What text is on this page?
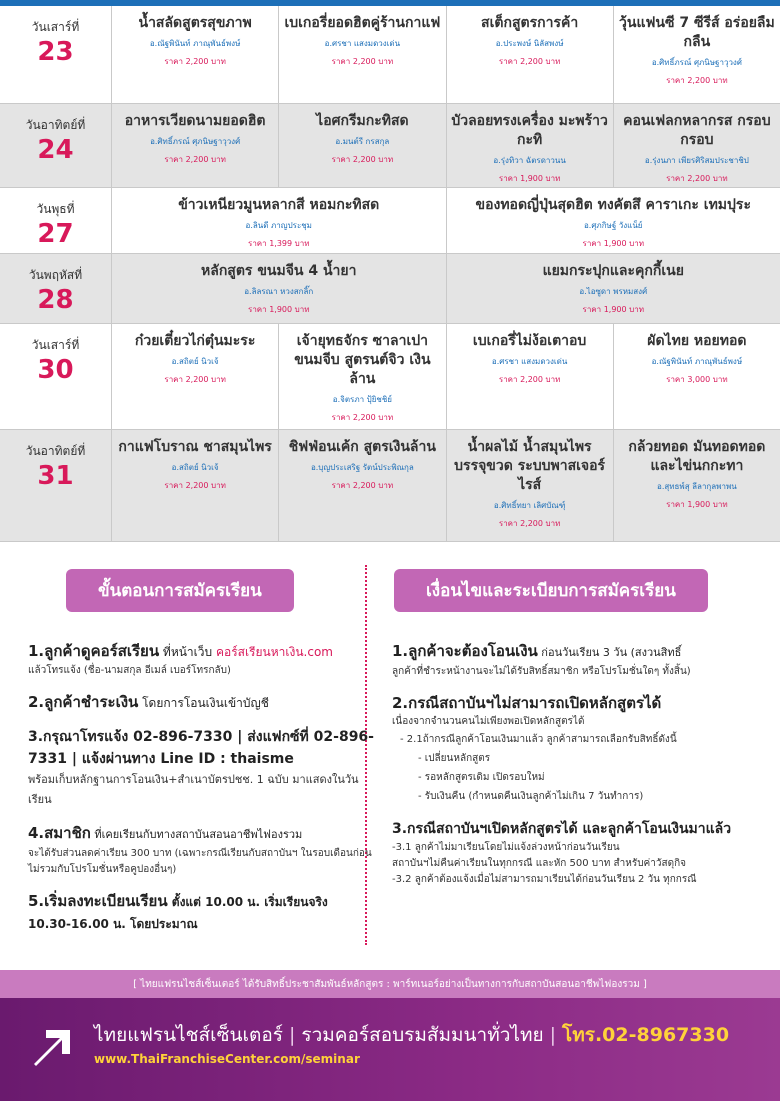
วันเสาร์ที่
23
น้ำสลัดสูตรสุขภาพ
อ.ณัฐพินันท์ ภาณุพันธ์พงษ์
ราคา 2,200 บาท
เบเกอรี่ยอดฮิตคู่ร้านกาแฟ
อ.ศรชา แสงมดวงเด่น
ราคา 2,200 บาท
สเต็กสูตรการค้า
อ.ประพงษ์ นิลัสพงษ์
ราคา 2,200 บาท
วุ้นแฟนซี 7 ซีรีส์ อร่อยลืมกลืน
อ.ศิทธิ์ภรณ์ ศุภนิษฐาวุวงศ์
ราคา 2,200 บาท
วันอาทิตย์ที่
24
อาหารเวียดนามยอดฮิต
อ.ศิทธิ์ภรณ์ ศุภนิษฐาวุวงศ์
ราคา 2,200 บาท
ไอศกรีมกะทิสด
อ.มนต์รี กรสกุล
ราคา 2,200 บาท
บัวลอยทรงเครื่อง มะพร้าวกะทิ
อ.รุ่งทิวา ฉัตรดาวนน
ราคา 1,900 บาท
คอนเฟลกหลากรส กรอบ กรอบ
อ.รุ่งนภา เพียรศิริสมประชาชิป
ราคา 2,200 บาท
วันพุธที่
27
ข้าวเหนียวมูนหลากสี หอมกะทิสด
อ.ลินดี ภาญประชุม
ราคา 1,399 บาท
ของทอดญี่ปุ่นสุดฮิต ทงคัตสึ คาราเกะ เทมปุระ
อ.ศุภกิษฐ์ วังแน็ย์
ราคา 1,900 บาท
วันพฤหัสที่
28
หลักสูตร ขนมจีน 4 น้ำยา
อ.ลิลรณา หวงสกลิ๊ก
ราคา 1,900 บาท
แยมกระปุกและคุกกี้เนย
อ.ไอซูดา พรหมสงศ์
ราคา 1,900 บาท
วันเสาร์ที่
30
ก๋วยเตี๋ยวไก่ตุ๋นมะระ
อ.สถิตย์ นิวเจ้
ราคา 2,200 บาท
เจ้ายุทธจักร ซาลาเปา ขนมจีบ สูตรนต์จิว เงินล้าน
อ.จิตรภา ปุ้ยิชชิย์
ราคา 2,200 บาท
เบเกอรี่ไม่ง้อเตาอบ
อ.ศรชา แสงมดวงเด่น
ราคา 2,200 บาท
ผัดไทย หอยทอด
อ.ณัฐพินันท์ ภาณุพันธ์พงษ์
ราคา 3,000 บาท
วันอาทิตย์ที่
31
กาแฟโบราณ ชาสมุนไพร
อ.สถิตย์ นิวเจ้
ราคา 2,200 บาท
ชิฟฟ่อนเค้ก สูตรเงินล้าน
อ.บุญประเสริฐ รัตน์ประพิณกุล
ราคา 2,200 บาท
น้ำผลไม้ น้ำสมุนไพร บรรจุขวด ระบบพาสเจอร์ไรส์
อ.ศิทธิ์ทยา เลิศบัณฑุ์
ราคา 2,200 บาท
กล้วยทอด มันทอดทอด และไข่นกกะทา
อ.สุทธพ์สุ ลีลากุลพาพน
ราคา 1,900 บาท
ขั้นตอนการสมัครเรียน
1.ลูกค้าดูคอร์สเรียน ที่หน้าเว็บ คอร์สเรียนหาเงิน.com
แล้วโทรแจ้ง (ชื่อ-นามสกุล อีเมล์ เบอร์โทรกลับ)
2.ลูกค้าชำระเงิน โดยการโอนเงินเข้าบัญชี
3.กรุณาโทรแจ้ง 02-896-7330 | ส่งแฟกซ์ที่ 02-896-7331 | แจ้งผ่านทาง Line ID : thaisme
พร้อมเก็บหลักฐานการโอนเงิน+สำเนาบัตรปชช. 1 ฉบับ มาแสดงในวันเรียน
4.สมาชิก ที่เคยเรียนกับทางสถาบันสอนอาชีพไฟองรวม
จะได้รับส่วนลดค่าเรียน 300 บาท (เฉพาะกรณีเรียนกับสถาบันฯ ในรอบเดือนก่อน ไม่รวมกับโปรโมชั่นหรือคูปองอื่นๆ)
5.เริ่มลงทะเบียนเรียน ตั้งแต่ 10.00 น. เริ่มเรียนจริง
10.30-16.00 น. โดยประมาณ
เงื่อนไขและระเบียบการสมัครเรียน
1.ลูกค้าจะต้องโอนเงิน ก่อนวันเรียน 3 วัน (สงวนสิทธิ์
ลูกค้าที่ชำระหน้างานจะไม่ได้รับสิทธิ์สมาชิก หรือโปรโมชั่นใดๆ ทั้งสิ้น)
2.กรณีสถาบันฯไม่สามารถเปิดหลักสูตรได้
เนื่องจากจำนวนคนไม่เพียงพอเปิดหลักสูตรได้
- 2.1ถ้ากรณีลูกค้าโอนเงินมาแล้ว ลูกค้าสามารถเลือกรับสิทธิ์ดังนี้
- เปลี่ยนหลักสูตร
- รอหลักสูตรเดิม เปิดรอบใหม่
- รับเงินคืน (กำหนดคืนเงินลูกค้าไม่เกิน 7 วันทำการ)
3.กรณีสถาบันฯเปิดหลักสูตรได้ และลูกค้าโอนเงินมาแล้ว
-3.1 ลูกค้าไม่มาเรียนโดยไม่แจ้งล่วงหน้าก่อนวันเรียน
สถาบันฯไม่คืนค่าเรียนในทุกกรณี และหัก 500 บาท สำหรับค่าวัสดุกิจ
-3.2 ลูกค้าต้องแจ้งเมื่อไม่สามารถมาเรียนได้ก่อนวันเรียน 2 วัน ทุกกรณี
[ ไทยแฟรนไชส์เซ็นเตอร์ ได้รับสิทธิ์ประชาสัมพันธ์หลักสูตร : พาร์ทเนอร์อย่างเป็นทางการกับสถาบันสอนอาชีพไฟองรวม ]
ไทยแฟรนไชส์เซ็นเตอร์ | รวมคอร์สอบรมสัมมนาทั่วไทย | โทร.02-8967330
www.ThaiFranchiseCenter.com/seminar
